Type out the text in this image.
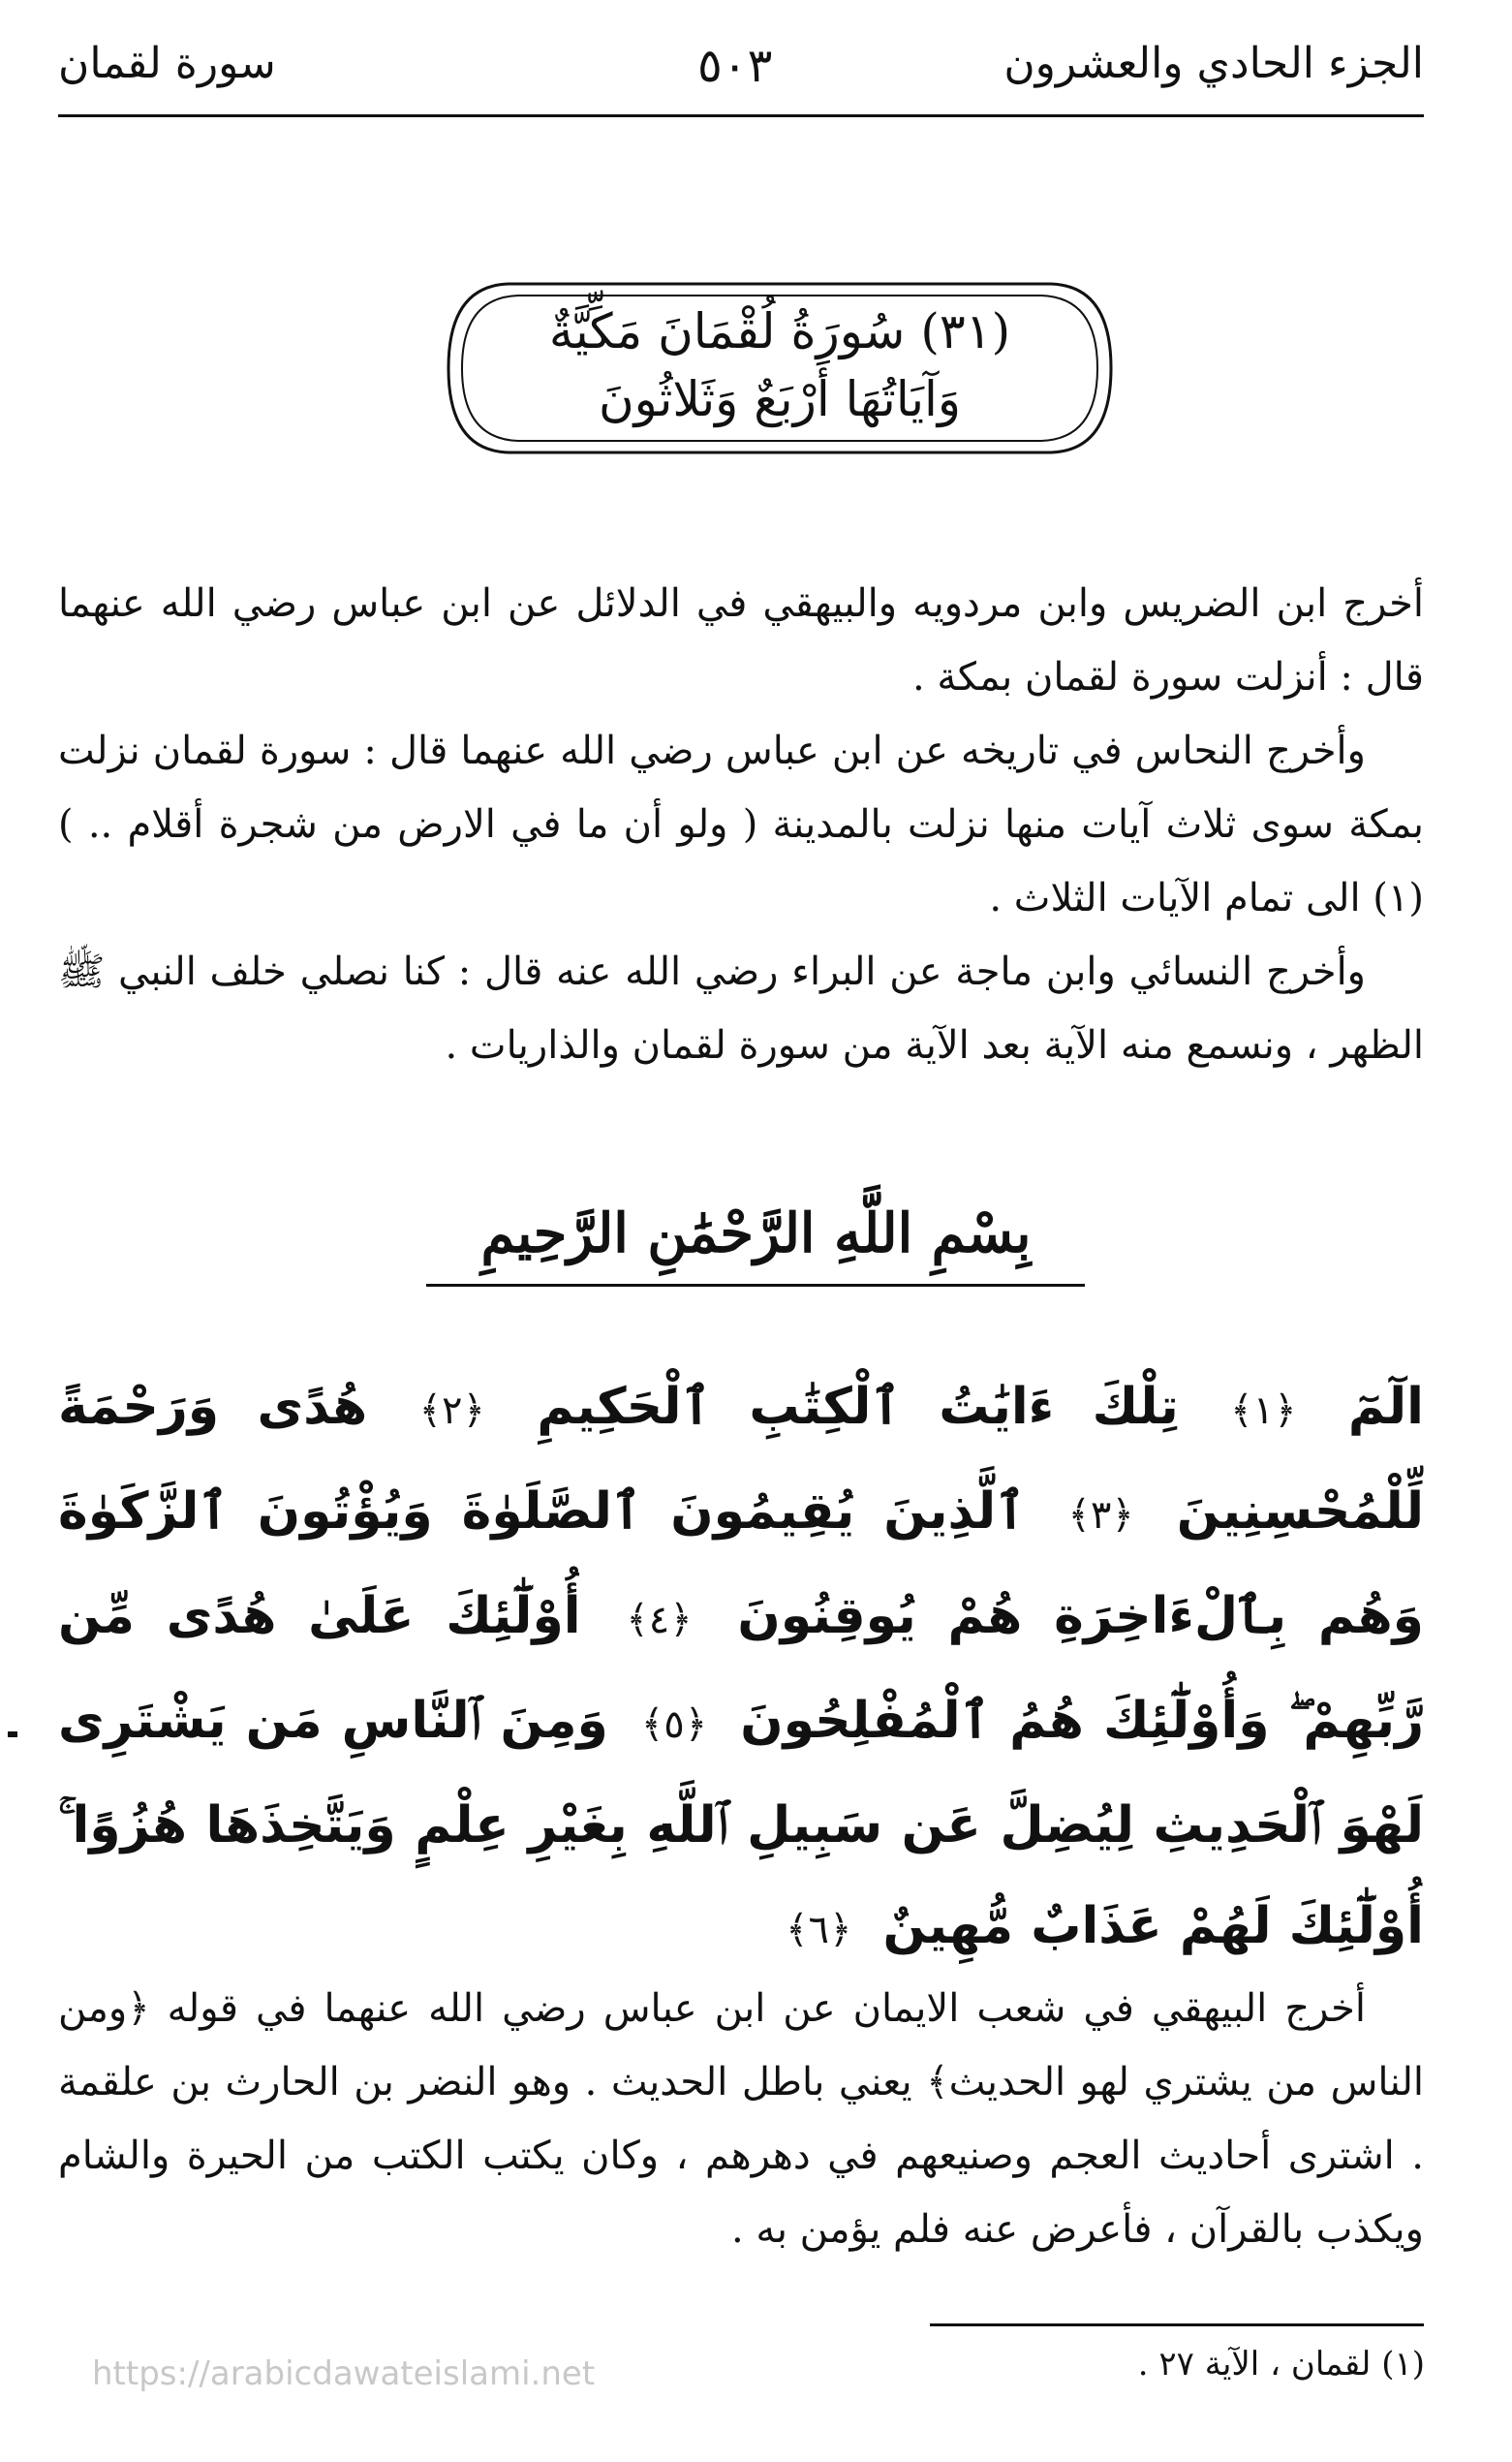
الجزء الحادي والعشرون
٥٠٣
سورة لقمان
(٣١) سُورَةُ لُقْمَانَ مَكِّيَّةٌ
وَآيَاتُهَا أَرْبَعٌ وَثَلاثُونَ

أخرج ابن الضريس وابن مردويه والبيهقي في الدلائل عن ابن عباس رضي الله عنهما قال : أنزلت سورة لقمان بمكة .

وأخرج النحاس في تاريخه عن ابن عباس رضي الله عنهما قال : سورة لقمان نزلت بمكة سوى ثلاث آيات منها نزلت بالمدينة ( ولو أن ما في الارض من شجرة أقلام .. ) (١) الى تمام الآيات الثلاث .

وأخرج النسائي وابن ماجة عن البراء رضي الله عنه قال : كنا نصلي خلف النبي ﷺ الظهر ، ونسمع منه الآية بعد الآية من سورة لقمان والذاريات .

بِسْمِ اللَّهِ الرَّحْمَٰنِ الرَّحِيمِ
الٓمٓ ﴿١﴾ تِلْكَ ءَايَٰتُ ٱلْكِتَٰبِ ٱلْحَكِيمِ ﴿٢﴾ هُدًى وَرَحْمَةً لِّلْمُحْسِنِينَ ﴿٣﴾ ٱلَّذِينَ يُقِيمُونَ ٱلصَّلَوٰةَ وَيُؤْتُونَ ٱلزَّكَوٰةَ وَهُم بِٱلْءَاخِرَةِ هُمْ يُوقِنُونَ ﴿٤﴾ أُوْلَٰٓئِكَ عَلَىٰ هُدًى مِّن رَّبِّهِمْ ۖ وَأُوْلَٰٓئِكَ هُمُ ٱلْمُفْلِحُونَ ﴿٥﴾ وَمِنَ ٱلنَّاسِ مَن يَشْتَرِى لَهْوَ ٱلْحَدِيثِ لِيُضِلَّ عَن سَبِيلِ ٱللَّهِ بِغَيْرِ عِلْمٍ وَيَتَّخِذَهَا هُزُوًا ۚ أُوْلَٰٓئِكَ لَهُمْ عَذَابٌ مُّهِينٌ ﴿٦﴾

أخرج البيهقي في شعب الايمان عن ابن عباس رضي الله عنهما في قوله ﴿ومن الناس من يشتري لهو الحديث﴾ يعني باطل الحديث . وهو النضر بن الحارث بن علقمة . اشترى أحاديث العجم وصنيعهم في دهرهم ، وكان يكتب الكتب من الحيرة والشام ويكذب بالقرآن ، فأعرض عنه فلم يؤمن به .

(١) لقمان ، الآية ٢٧ .
https://arabicdawateislami.net
